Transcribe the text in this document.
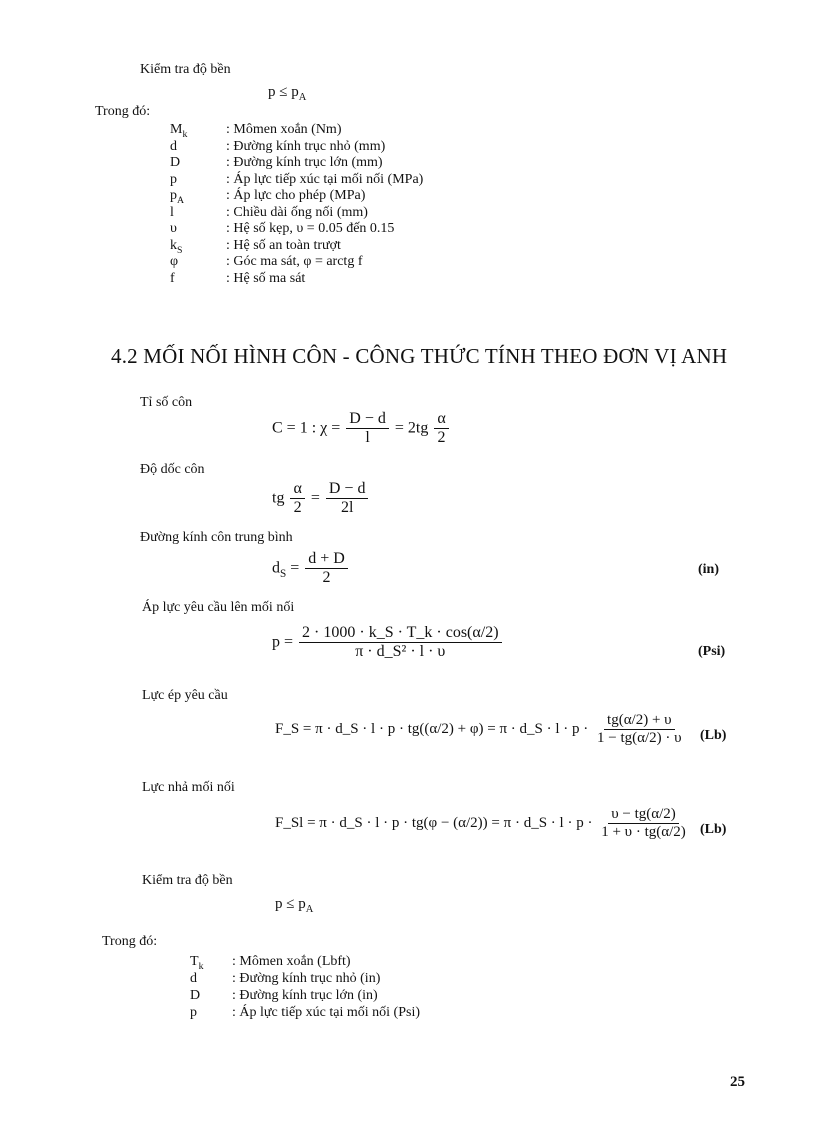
Kiểm tra độ bền
$p \le p_A$
Trong đó:
$M_k$	: Mômen xoắn (Nm)
d	: Đường kính trục nhỏ (mm)
D	: Đường kính trục lớn (mm)
p	: Áp lực tiếp xúc tại mối nối (MPa)
$p_A$	: Áp lực cho phép (MPa)
l	: Chiều dài ống nối (mm)
υ	: Hệ số kẹp, υ = 0.05 đến 0.15
$k_S$	: Hệ số an toàn trượt
φ	: Góc ma sát, φ = arctg f
f	: Hệ số ma sát
4.2 MỐI NỐI HÌNH CÔN - CÔNG THỨC TÍNH THEO ĐƠN VỊ ANH
Tỉ số côn
C = 1 : $\chi = \frac{D - d}{l} = 2tg \frac{\alpha}{2}$
Độ dốc côn
tg $\frac{\alpha}{2} = \frac{D - d}{2l}$
Đường kính côn trung bình
$d_S = \frac{d + D}{2}$	(in)
Áp lực yêu cầu lên mối nối
$p = \frac{2 \cdot 1000 \cdot k\_S \cdot T\_k \cdot \cos(\alpha/2)}{\text{π · d\_S² · l · υ}}$	(Psi)
Lực ép yêu cầu
F_S = π · d_S · l · p · tg((α/2) + φ) = π · d_S · $l \cdot p \cdot \frac{tg(\alpha/2) + \upsilon}{1 - tg(\alpha/2) \cdot \upsilon} (Lb)$
Lực nhả mối nối
F_Sl = π · d_S · l · p · tg(φ − (α/2)) = π · d_S · $l \cdot p \cdot \frac{\upsilon - tg(\alpha/2)}{1 + \upsilon \cdot tg(\alpha/2)} (Lb)$
Kiểm tra độ bền
$p \le p_A$
Trong đó:
$T_k$ : Mômen xoắn (Lbft)
d	: Đường kính trục nhỏ (in)
D : Đường kính trục lớn (in)
p	: Áp lực tiếp xúc tại mối nối (Psi)
25
